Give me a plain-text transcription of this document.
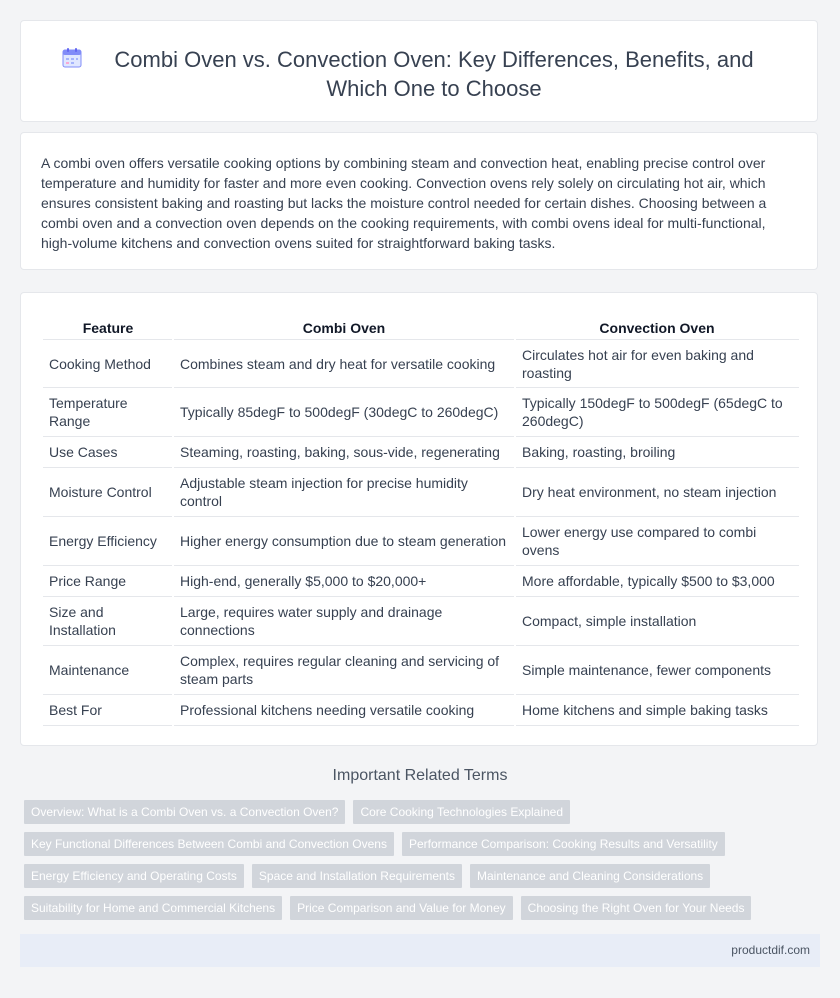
Combi Oven vs. Convection Oven: Key Differences, Benefits, and Which One to Choose

A combi oven offers versatile cooking options by combining steam and convection heat, enabling precise control over temperature and humidity for faster and more even cooking. Convection ovens rely solely on circulating hot air, which ensures consistent baking and roasting but lacks the moisture control needed for certain dishes. Choosing between a combi oven and a convection oven depends on the cooking requirements, with combi ovens ideal for multi-functional, high-volume kitchens and convection ovens suited for straightforward baking tasks.

Feature	Combi Oven	Convection Oven
Cooking Method	Combines steam and dry heat for versatile cooking	Circulates hot air for even baking and roasting
Temperature Range	Typically 85degF to 500degF (30degC to 260degC)	Typically 150degF to 500degF (65degC to 260degC)
Use Cases	Steaming, roasting, baking, sous-vide, regenerating	Baking, roasting, broiling
Moisture Control	Adjustable steam injection for precise humidity control	Dry heat environment, no steam injection
Energy Efficiency	Higher energy consumption due to steam generation	Lower energy use compared to combi ovens
Price Range	High-end, generally $5,000 to $20,000+	More affordable, typically $500 to $3,000
Size and Installation	Large, requires water supply and drainage connections	Compact, simple installation
Maintenance	Complex, requires regular cleaning and servicing of steam parts	Simple maintenance, fewer components
Best For	Professional kitchens needing versatile cooking	Home kitchens and simple baking tasks
Important Related Terms
Overview: What is a Combi Oven vs. a Convection Oven?	Core Cooking Technologies Explained
Key Functional Differences Between Combi and Convection Ovens	Performance Comparison: Cooking Results and Versatility
Energy Efficiency and Operating Costs	Space and Installation Requirements	Maintenance and Cleaning Considerations
Suitability for Home and Commercial Kitchens	Price Comparison and Value for Money	Choosing the Right Oven for Your Needs
productdif.com
